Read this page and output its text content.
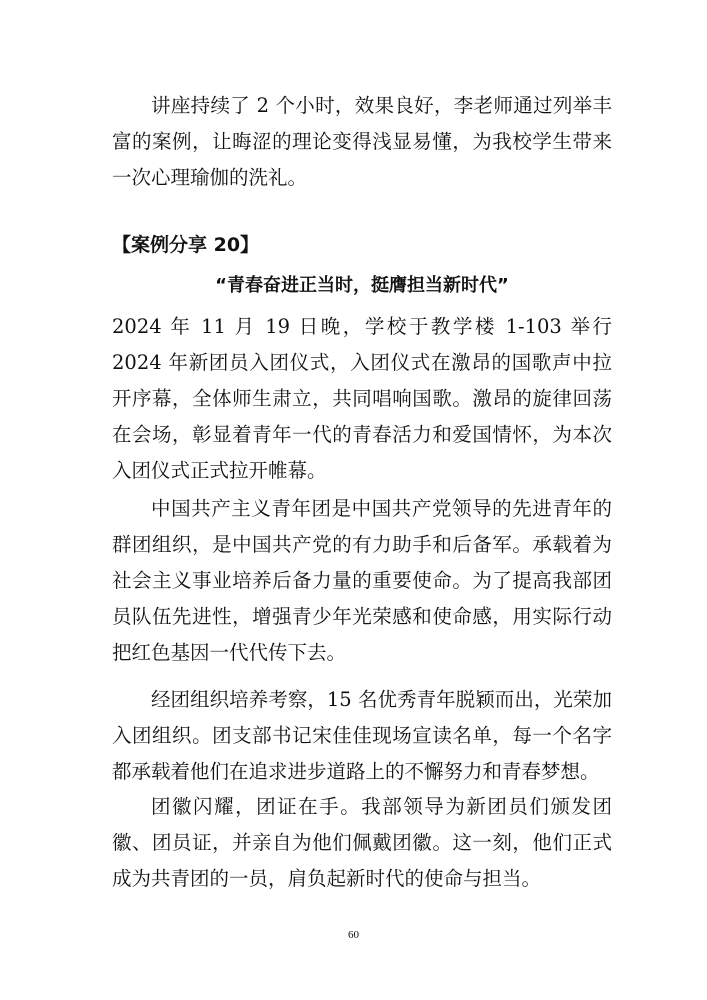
讲座持续了 2 个小时，效果良好，李老师通过列举丰富的案例，让晦涩的理论变得浅显易懂，为我校学生带来一次心理瑜伽的洗礼。

【案例分享 20】

“青春奋进正当时，挺膺担当新时代”

2024 年 11 月 19 日晚，学校于教学楼 1-103 举行 2024 年新团员入团仪式，入团仪式在激昂的国歌声中拉开序幕，全体师生肃立，共同唱响国歌。激昂的旋律回荡在会场，彰显着青年一代的青春活力和爱国情怀，为本次入团仪式正式拉开帷幕。

中国共产主义青年团是中国共产党领导的先进青年的群团组织，是中国共产党的有力助手和后备军。承载着为社会主义事业培养后备力量的重要使命。为了提高我部团员队伍先进性，增强青少年光荣感和使命感，用实际行动把红色基因一代代传下去。

经团组织培养考察，15 名优秀青年脱颖而出，光荣加入团组织。团支部书记宋佳佳现场宣读名单，每一个名字都承载着他们在追求进步道路上的不懈努力和青春梦想。

团徽闪耀，团证在手。我部领导为新团员们颁发团徽、团员证，并亲自为他们佩戴团徽。这一刻，他们正式成为共青团的一员，肩负起新时代的使命与担当。

60
